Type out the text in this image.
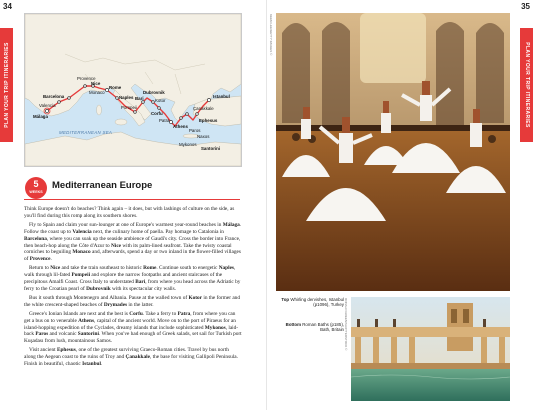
34	35
PLAN YOUR TRIP ITINERARIES	PLAN YOUR TRIP ITINERARIES
MEDITERRANEAN SEA
Provence
Nice
Monaco
Barcelona
Valencia
Málaga
Rome
Naples
Pompeii
Bari
Dubrovnik
Kotor
Corfu
Patra
Athens
Mykonos
Santorini
Naxos
Paros
Ephesus
Çanakkale
Istanbul
5
WEEKS
Mediterranean Europe

Think Europe doesn't do beaches? Think again – it does, but with lashings of culture on the side, as you'll find during this romp along its southern shores.

Fly to Spain and claim your sun-lounger at one of Europe's warmest year-round beaches in Málaga. Follow the coast up to Valencia next, the culinary home of paella. Pay homage to Catalonia in Barcelona, where you can soak up the seaside ambience of Gaudí's city. Cross the border into France, then beach-hop along the Côte d'Azur to Nice with its palm-lined seafront. Take the twisty coastal corniches to beguiling Monaco and, afterwards, spend a day or two inland in the flower-filled villages of Provence.

Return to Nice and take the train southeast to historic Rome. Continue south to energetic Naples, walk through lil-fated Pompeii and explore the narrow footpaths and ancient staircases of the precipitous Amalfi Coast. Cross Italy to understated Bari, from where you head across the Adriatic by ferry to the Croatian pearl of Dubrovnik with its spectacular city walls.

Bus it south through Montenegro and Albania. Pause at the walled town of Kotor in the former and the white crescent-shaped beaches of Drymades in the latter.

Greece's Ionian Islands are next and the best is Corfu. Take a ferry to Patra, from where you can get a bus on to venerable Athens, capital of the ancient world. Move on to the port of Piraeus for an island-hopping expedition of the Cyclades, dreamy islands that include sophisticated Mykonos, laid-back Paros and volcanic Santorini. When you've had enough of Greek salads, set sail for Turkish port Kuşadası from lush, mountainous Samos.

Visit ancient Ephesus, one of the greatest surviving Graeco-Roman cities. Travel by bus north along the Aegean coast to the ruins of Troy and Çanakkale, the base for visiting Gallipoli Peninsula. Finish in beautiful, chaotic Istanbul.

KEEM LEE/GETTY IMAGES ©
Top Whirling dervishes, Istanbul (p1096), Turkey
Bottom Roman Baths (p185), Bath, Britain RONALD GREEN/SHUTTERSTOCK ©
